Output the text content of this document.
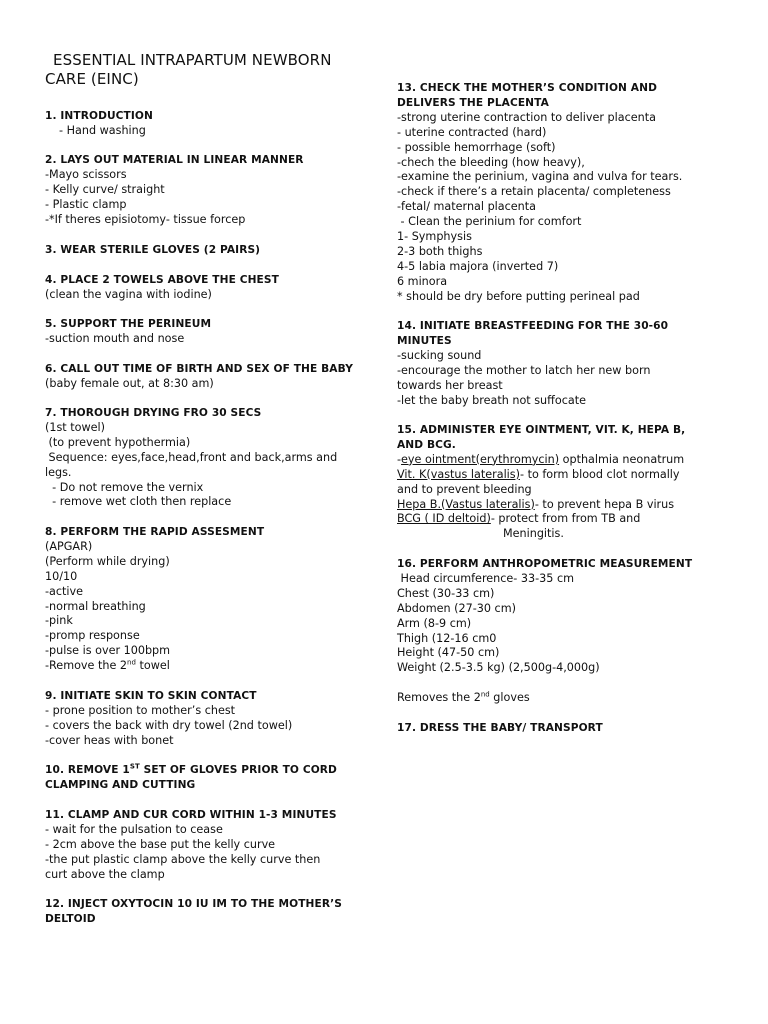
ESSENTIAL INTRAPARTUM NEWBORN
CARE (EINC)
1. INTRODUCTION
- Hand washing
2. LAYS OUT MATERIAL IN LINEAR MANNER
-Mayo scissors
- Kelly curve/ straight
- Plastic clamp
-*If theres episiotomy- tissue forcep
3. WEAR STERILE GLOVES (2 PAIRS)
4. PLACE 2 TOWELS ABOVE THE CHEST
(clean the vagina with iodine)
5. SUPPORT THE PERINEUM
-suction mouth and nose
6. CALL OUT TIME OF BIRTH AND SEX OF THE BABY
(baby female out, at 8:30 am)
7. THOROUGH DRYING FRO 30 SECS
(1st towel)
(to prevent hypothermia)
Sequence: eyes,face,head,front and back,arms and
legs.
- Do not remove the vernix
- remove wet cloth then replace
8. PERFORM THE RAPID ASSESMENT
(APGAR)
(Perform while drying)
10/10
-active
-normal breathing
-pink
-promp response
-pulse is over 100bpm
-Remove the 2nd towel
9. INITIATE SKIN TO SKIN CONTACT
- prone position to mother’s chest
- covers the back with dry towel (2nd towel)
-cover heas with bonet
10. REMOVE 1ST SET OF GLOVES PRIOR TO CORD
CLAMPING AND CUTTING
11. CLAMP AND CUR CORD WITHIN 1-3 MINUTES
- wait for the pulsation to cease
- 2cm above the base put the kelly curve
-the put plastic clamp above the kelly curve then
curt above the clamp
12. INJECT OXYTOCIN 10 IU IM TO THE MOTHER’S
DELTOID
13. CHECK THE MOTHER’S CONDITION AND
DELIVERS THE PLACENTA
-strong uterine contraction to deliver placenta
- uterine contracted (hard)
- possible hemorrhage (soft)
-chech the bleeding (how heavy),
-examine the perinium, vagina and vulva for tears.
-check if there’s a retain placenta/ completeness
-fetal/ maternal placenta
- Clean the perinium for comfort
1- Symphysis
2-3 both thighs
4-5 labia majora (inverted 7)
6 minora
* should be dry before putting perineal pad
14. INITIATE BREASTFEEDING FOR THE 30-60
MINUTES
-sucking sound
-encourage the mother to latch her new born
towards her breast
-let the baby breath not suffocate
15. ADMINISTER EYE OINTMENT, VIT. K, HEPA B,
AND BCG.
-eye ointment(erythromycin) opthalmia neonatrum
Vit. K(vastus lateralis)- to form blood clot normally
and to prevent bleeding
Hepa B.(Vastus lateralis)- to prevent hepa B virus
BCG ( ID deltoid)- protect from from TB and
Meningitis.
16. PERFORM ANTHROPOMETRIC MEASUREMENT
Head circumference- 33-35 cm
Chest (30-33 cm)
Abdomen (27-30 cm)
Arm (8-9 cm)
Thigh (12-16 cm0
Height (47-50 cm)
Weight (2.5-3.5 kg) (2,500g-4,000g)
Removes the 2nd gloves
17. DRESS THE BABY/ TRANSPORT
